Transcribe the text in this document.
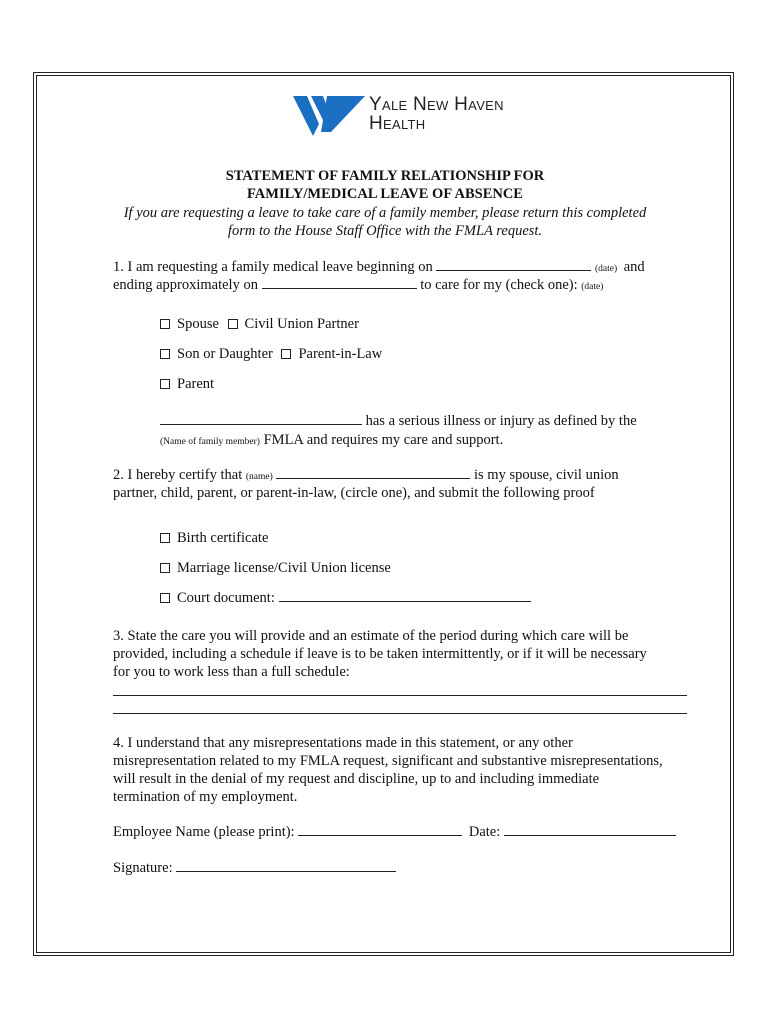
Yale New Haven
Health
STATEMENT OF FAMILY RELATIONSHIP FOR
FAMILY/MEDICAL LEAVE OF ABSENCE
If you are requesting a leave to take care of a family member, please return this completed
form to the House Staff Office with the FMLA request.
1. I am requesting a family medical leave beginning on	(date) and
ending approximately on	to care for my (check one): (date)
Spouse Civil Union Partner
Son or Daughter Parent-in-Law
Parent
has a serious illness or injury as defined by the
(Name of family member) FMLA and requires my care and support.
2. I hereby certify that (name)	is my spouse, civil union
partner, child, parent, or parent-in-law, (circle one), and submit the following proof
Birth certificate
Marriage license/Civil Union license
Court document:
3. State the care you will provide and an estimate of the period during which care will be
provided, including a schedule if leave is to be taken intermittently, or if it will be necessary
for you to work less than a full schedule:
4. I understand that any misrepresentations made in this statement, or any other
misrepresentation related to my FMLA request, significant and substantive misrepresentations,
will result in the denial of my request and discipline, up to and including immediate
termination of my employment.
Employee Name (please print):	Date:
Signature:
